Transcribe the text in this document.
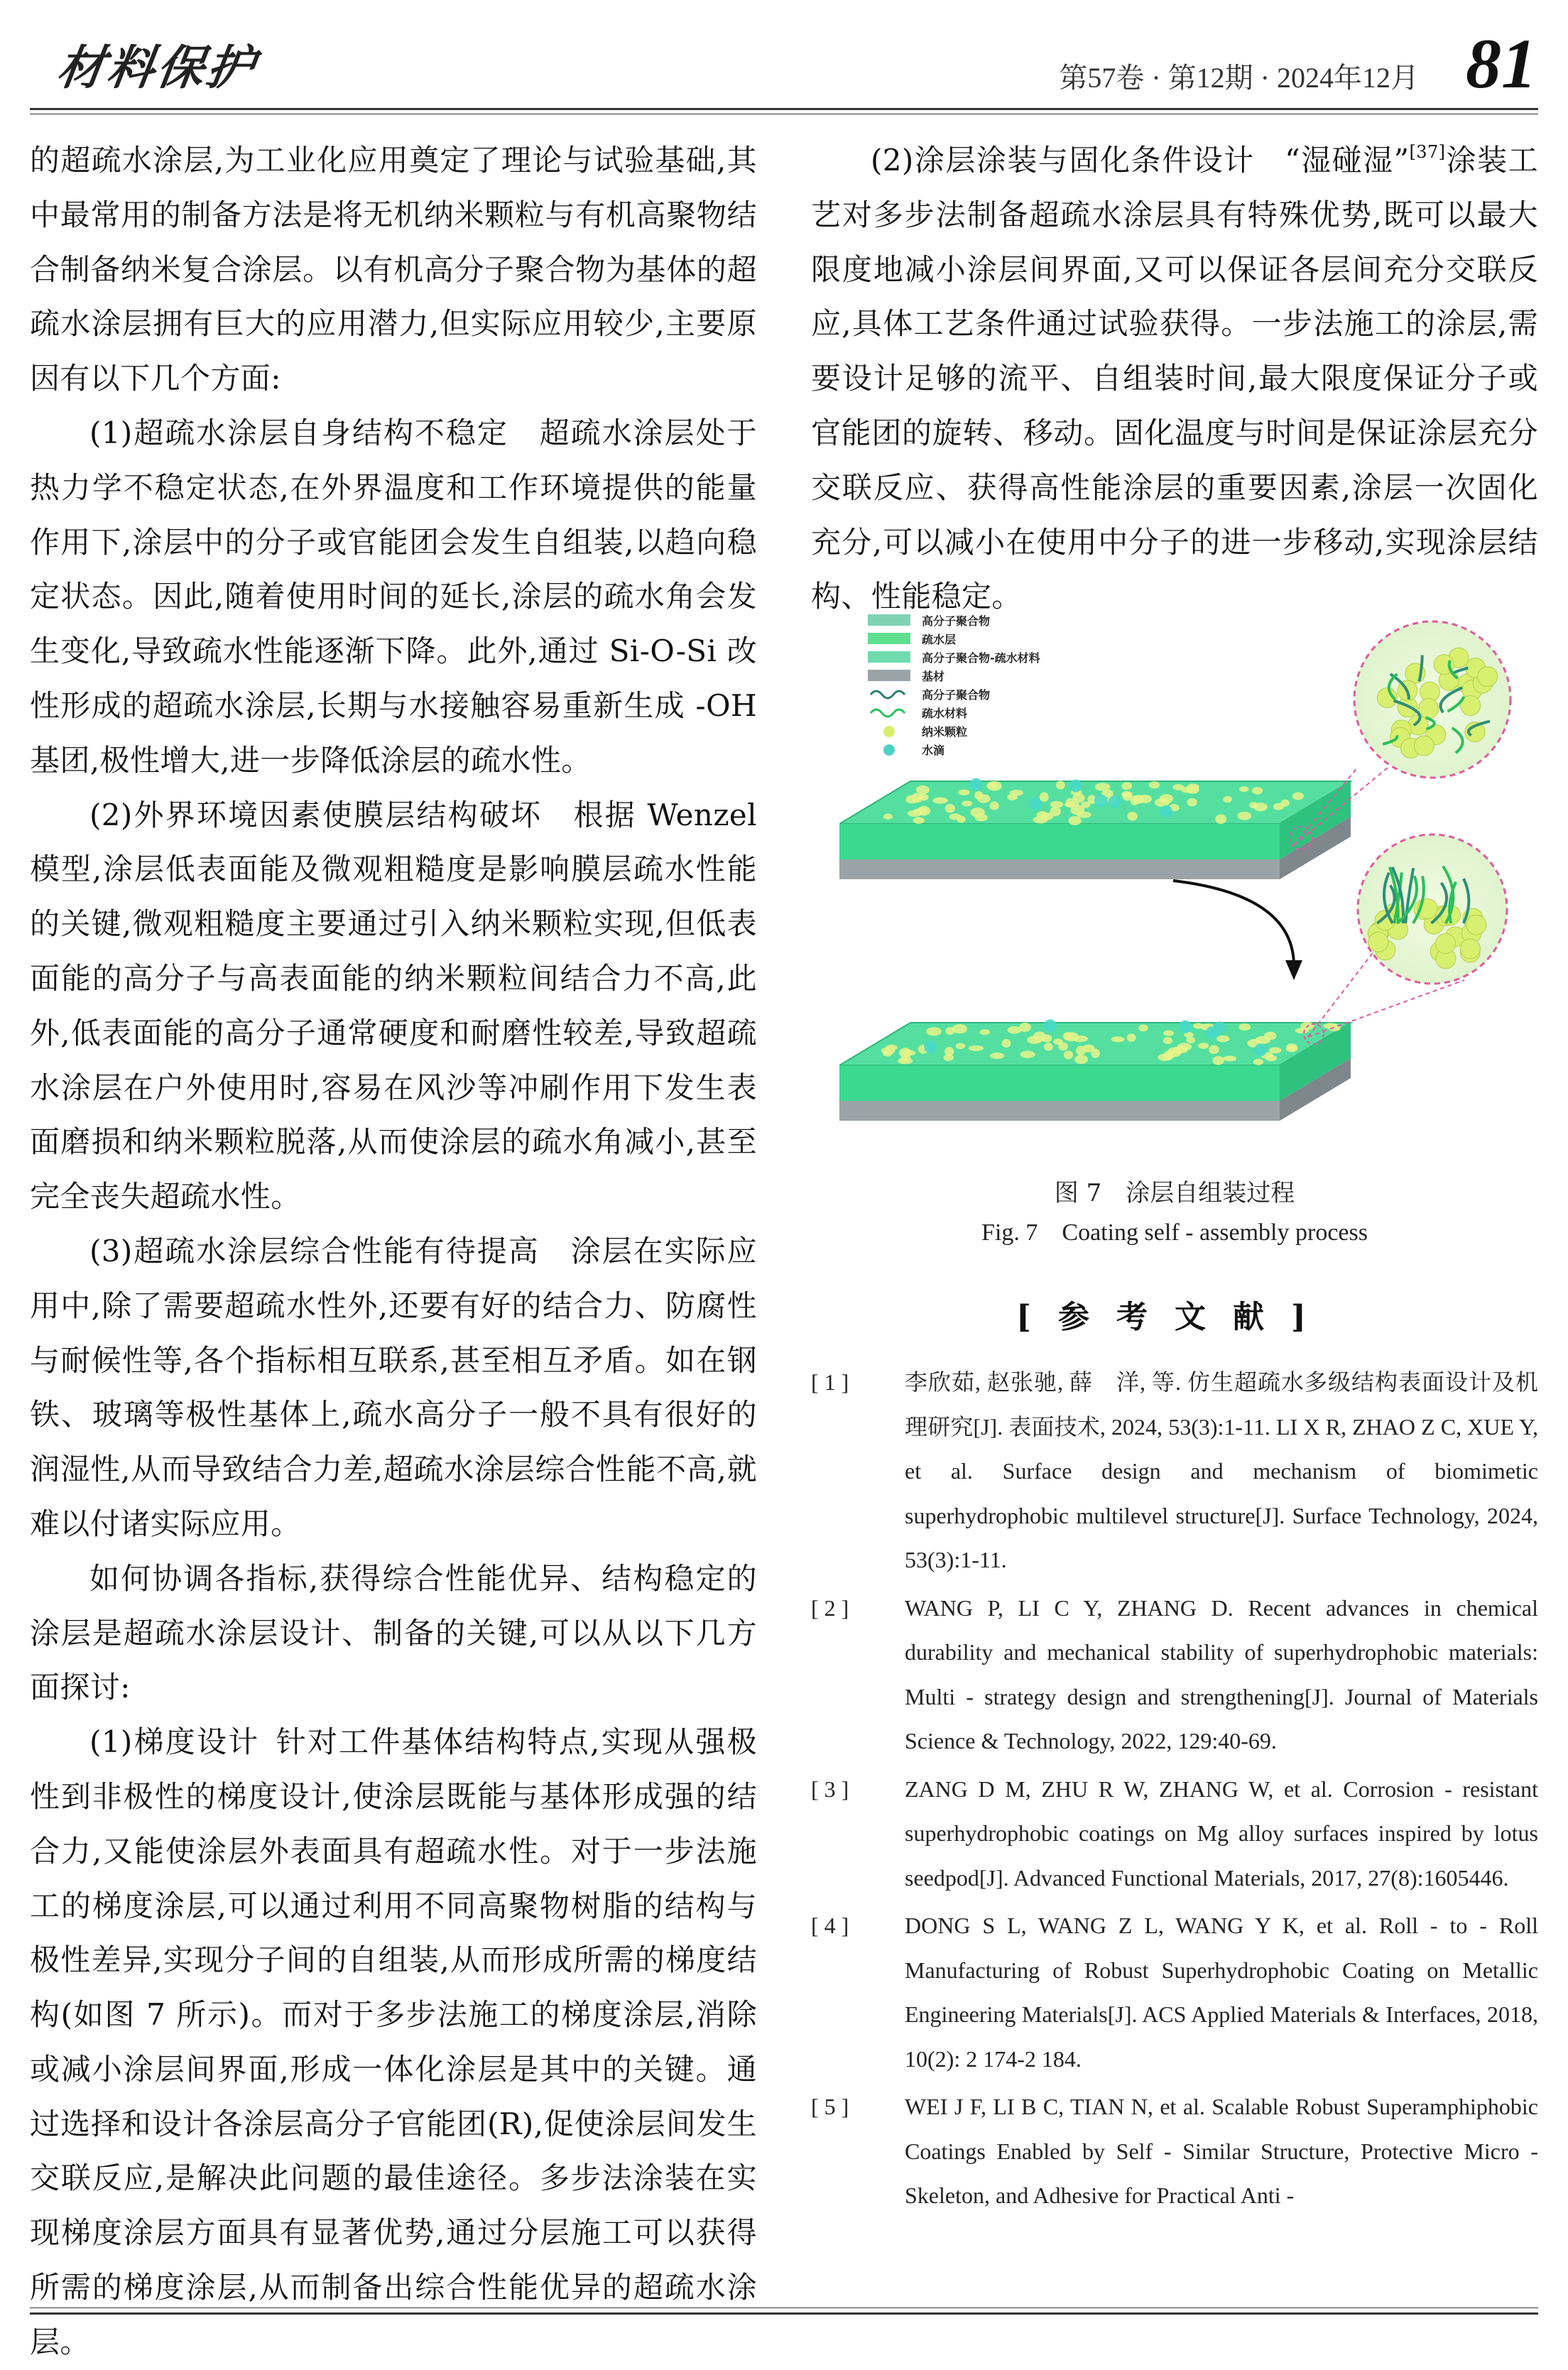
材料保护	第57卷 · 第12期 · 2024年12月 81

的超疏水涂层,为工业化应用奠定了理论与试验基础,其中最常用的制备方法是将无机纳米颗粒与有机高聚物结合制备纳米复合涂层。以有机高分子聚合物为基体的超疏水涂层拥有巨大的应用潜力,但实际应用较少,主要原因有以下几个方面:

(1)超疏水涂层自身结构不稳定  超疏水涂层处于热力学不稳定状态,在外界温度和工作环境提供的能量作用下,涂层中的分子或官能团会发生自组装,以趋向稳定状态。因此,随着使用时间的延长,涂层的疏水角会发生变化,导致疏水性能逐渐下降。此外,通过 Si-O-Si 改性形成的超疏水涂层,长期与水接触容易重新生成 -OH 基团,极性增大,进一步降低涂层的疏水性。

(2)外界环境因素使膜层结构破坏  根据 Wenzel 模型,涂层低表面能及微观粗糙度是影响膜层疏水性能的关键,微观粗糙度主要通过引入纳米颗粒实现,但低表面能的高分子与高表面能的纳米颗粒间结合力不高,此外,低表面能的高分子通常硬度和耐磨性较差,导致超疏水涂层在户外使用时,容易在风沙等冲刷作用下发生表面磨损和纳米颗粒脱落,从而使涂层的疏水角减小,甚至完全丧失超疏水性。

(3)超疏水涂层综合性能有待提高  涂层在实际应用中,除了需要超疏水性外,还要有好的结合力、防腐性与耐候性等,各个指标相互联系,甚至相互矛盾。如在钢铁、玻璃等极性基体上,疏水高分子一般不具有很好的润湿性,从而导致结合力差,超疏水涂层综合性能不高,就难以付诸实际应用。

如何协调各指标,获得综合性能优异、结构稳定的涂层是超疏水涂层设计、制备的关键,可以从以下几方面探讨:

(1)梯度设计  针对工件基体结构特点,实现从强极性到非极性的梯度设计,使涂层既能与基体形成强的结合力,又能使涂层外表面具有超疏水性。对于一步法施工的梯度涂层,可以通过利用不同高聚物树脂的结构与极性差异,实现分子间的自组装,从而形成所需的梯度结构(如图 7 所示)。而对于多步法施工的梯度涂层,消除或减小涂层间界面,形成一体化涂层是其中的关键。通过选择和设计各涂层高分子官能团(R),促使涂层间发生交联反应,是解决此问题的最佳途径。多步法涂装在实现梯度涂层方面具有显著优势,通过分层施工可以获得所需的梯度涂层,从而制备出综合性能优异的超疏水涂层。

(2)涂层涂装与固化条件设计  “湿碰湿”[37]涂装工艺对多步法制备超疏水涂层具有特殊优势,既可以最大限度地减小涂层间界面,又可以保证各层间充分交联反应,具体工艺条件通过试验获得。一步法施工的涂层,需要设计足够的流平、自组装时间,最大限度保证分子或官能团的旋转、移动。固化温度与时间是保证涂层充分交联反应、获得高性能涂层的重要因素,涂层一次固化充分,可以减小在使用中分子的进一步移动,实现涂层结构、性能稳定。

高分子聚合物
疏水层
高分子聚合物-疏水材料
基材
高分子聚合物
疏水材料
纳米颗粒
水滴
图 7　涂层自组装过程
Fig. 7　Coating self - assembly process
[参考文献]
[ 1 ]	李欣茹, 赵张驰, 薛　洋, 等. 仿生超疏水多级结构表面设计及机理研究[J]. 表面技术, 2024, 53(3):1-11. LI X R, ZHAO Z C, XUE Y, et al. Surface design and mechanism of biomimetic superhydrophobic multilevel structure[J]. Surface Technology, 2024, 53(3):1-11.
[ 2 ]	WANG P, LI C Y, ZHANG D. Recent advances in chemical durability and mechanical stability of superhydrophobic materials: Multi - strategy design and strengthening[J]. Journal of Materials Science & Technology, 2022, 129:40-69.
[ 3 ]	ZANG D M, ZHU R W, ZHANG W, et al. Corrosion - resistant superhydrophobic coatings on Mg alloy surfaces inspired by lotus seedpod[J]. Advanced Functional Materials, 2017, 27(8):1605446.
[ 4 ]	DONG S L, WANG Z L, WANG Y K, et al. Roll - to - Roll Manufacturing of Robust Superhydrophobic Coating on Metallic Engineering Materials[J]. ACS Applied Materials & Interfaces, 2018, 10(2): 2 174-2 184.
[ 5 ]	WEI J F, LI B C, TIAN N, et al. Scalable Robust Superamphiphobic Coatings Enabled by Self - Similar Structure, Protective Micro - Skeleton, and Adhesive for Practical Anti -
